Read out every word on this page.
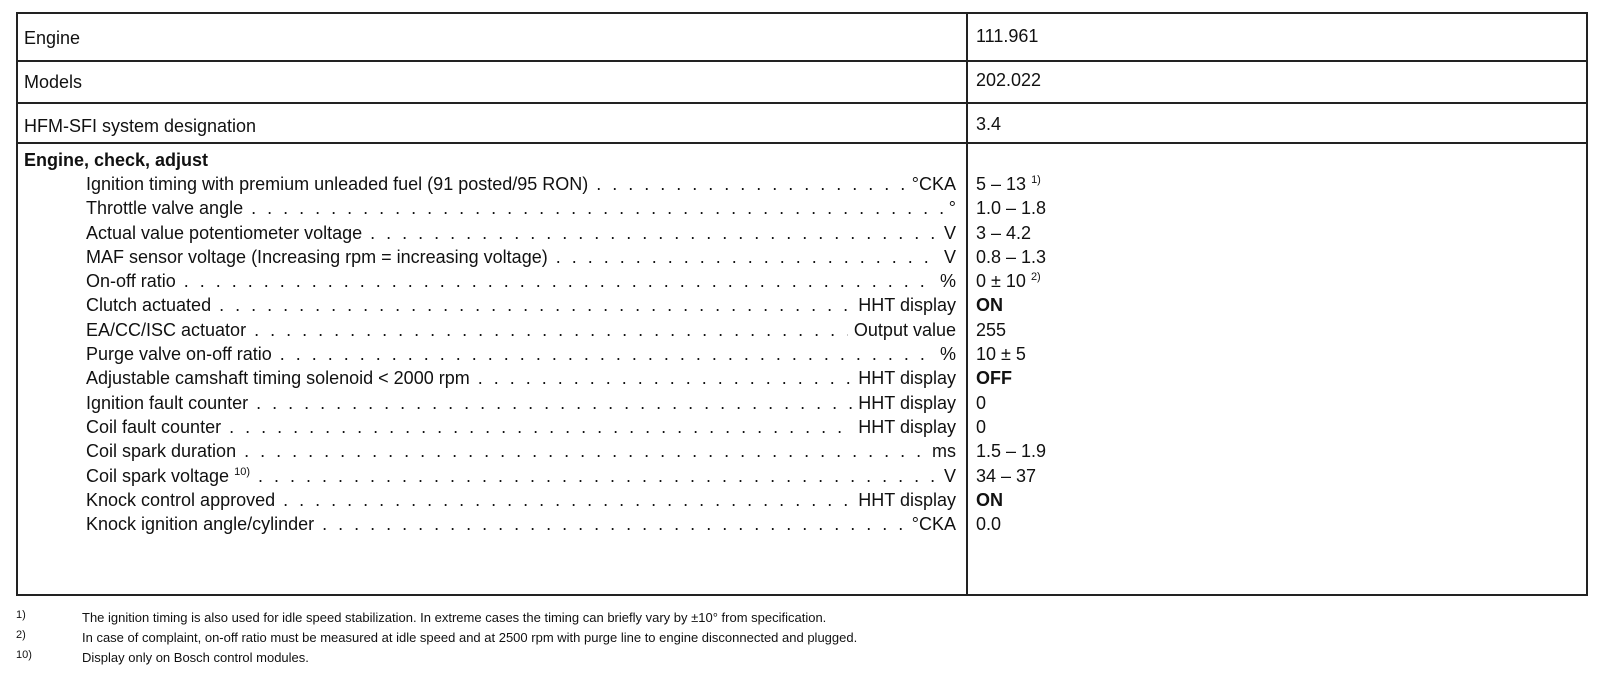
Engine	111.961
Models	202.022
HFM-SFI system designation	3.4
Engine, check, adjust
Ignition timing with premium unleaded fuel (91 posted/95 RON) . . .	°CKA 5 – 13 $^{1)}$
Throttle valve angle . . .	° 1.0 – 1.8
Actual value potentiometer voltage . . .	V 3 – 4.2
MAF sensor voltage (Increasing rpm = increasing voltage) . . .	V 0.8 – 1.3
On-off ratio . . .	% 0 ± 10 $^{2)}$
Clutch actuated . . .	HHT display ON
EA/CC/ISC actuator . . .	Output value 255
Purge valve on-off ratio . . .	% 10 ± 5
Adjustable camshaft timing solenoid < 2000 rpm . . .	HHT display OFF
Ignition fault counter . . .	HHT display 0
Coil fault counter . . .	HHT display 0
Coil spark duration . . .	ms 1.5 – 1.9
Coil spark voltage $^{10)}$ . . .	V 34 – 37
Knock control approved . . .	HHT display ON
Knock ignition angle/cylinder . . .	°CKA 0.0
1)	The ignition timing is also used for idle speed stabilization. In extreme cases the timing can briefly vary by ±10° from specification.
2)	In case of complaint, on-off ratio must be measured at idle speed and at 2500 rpm with purge line to engine disconnected and plugged.
10)	Display only on Bosch control modules.
